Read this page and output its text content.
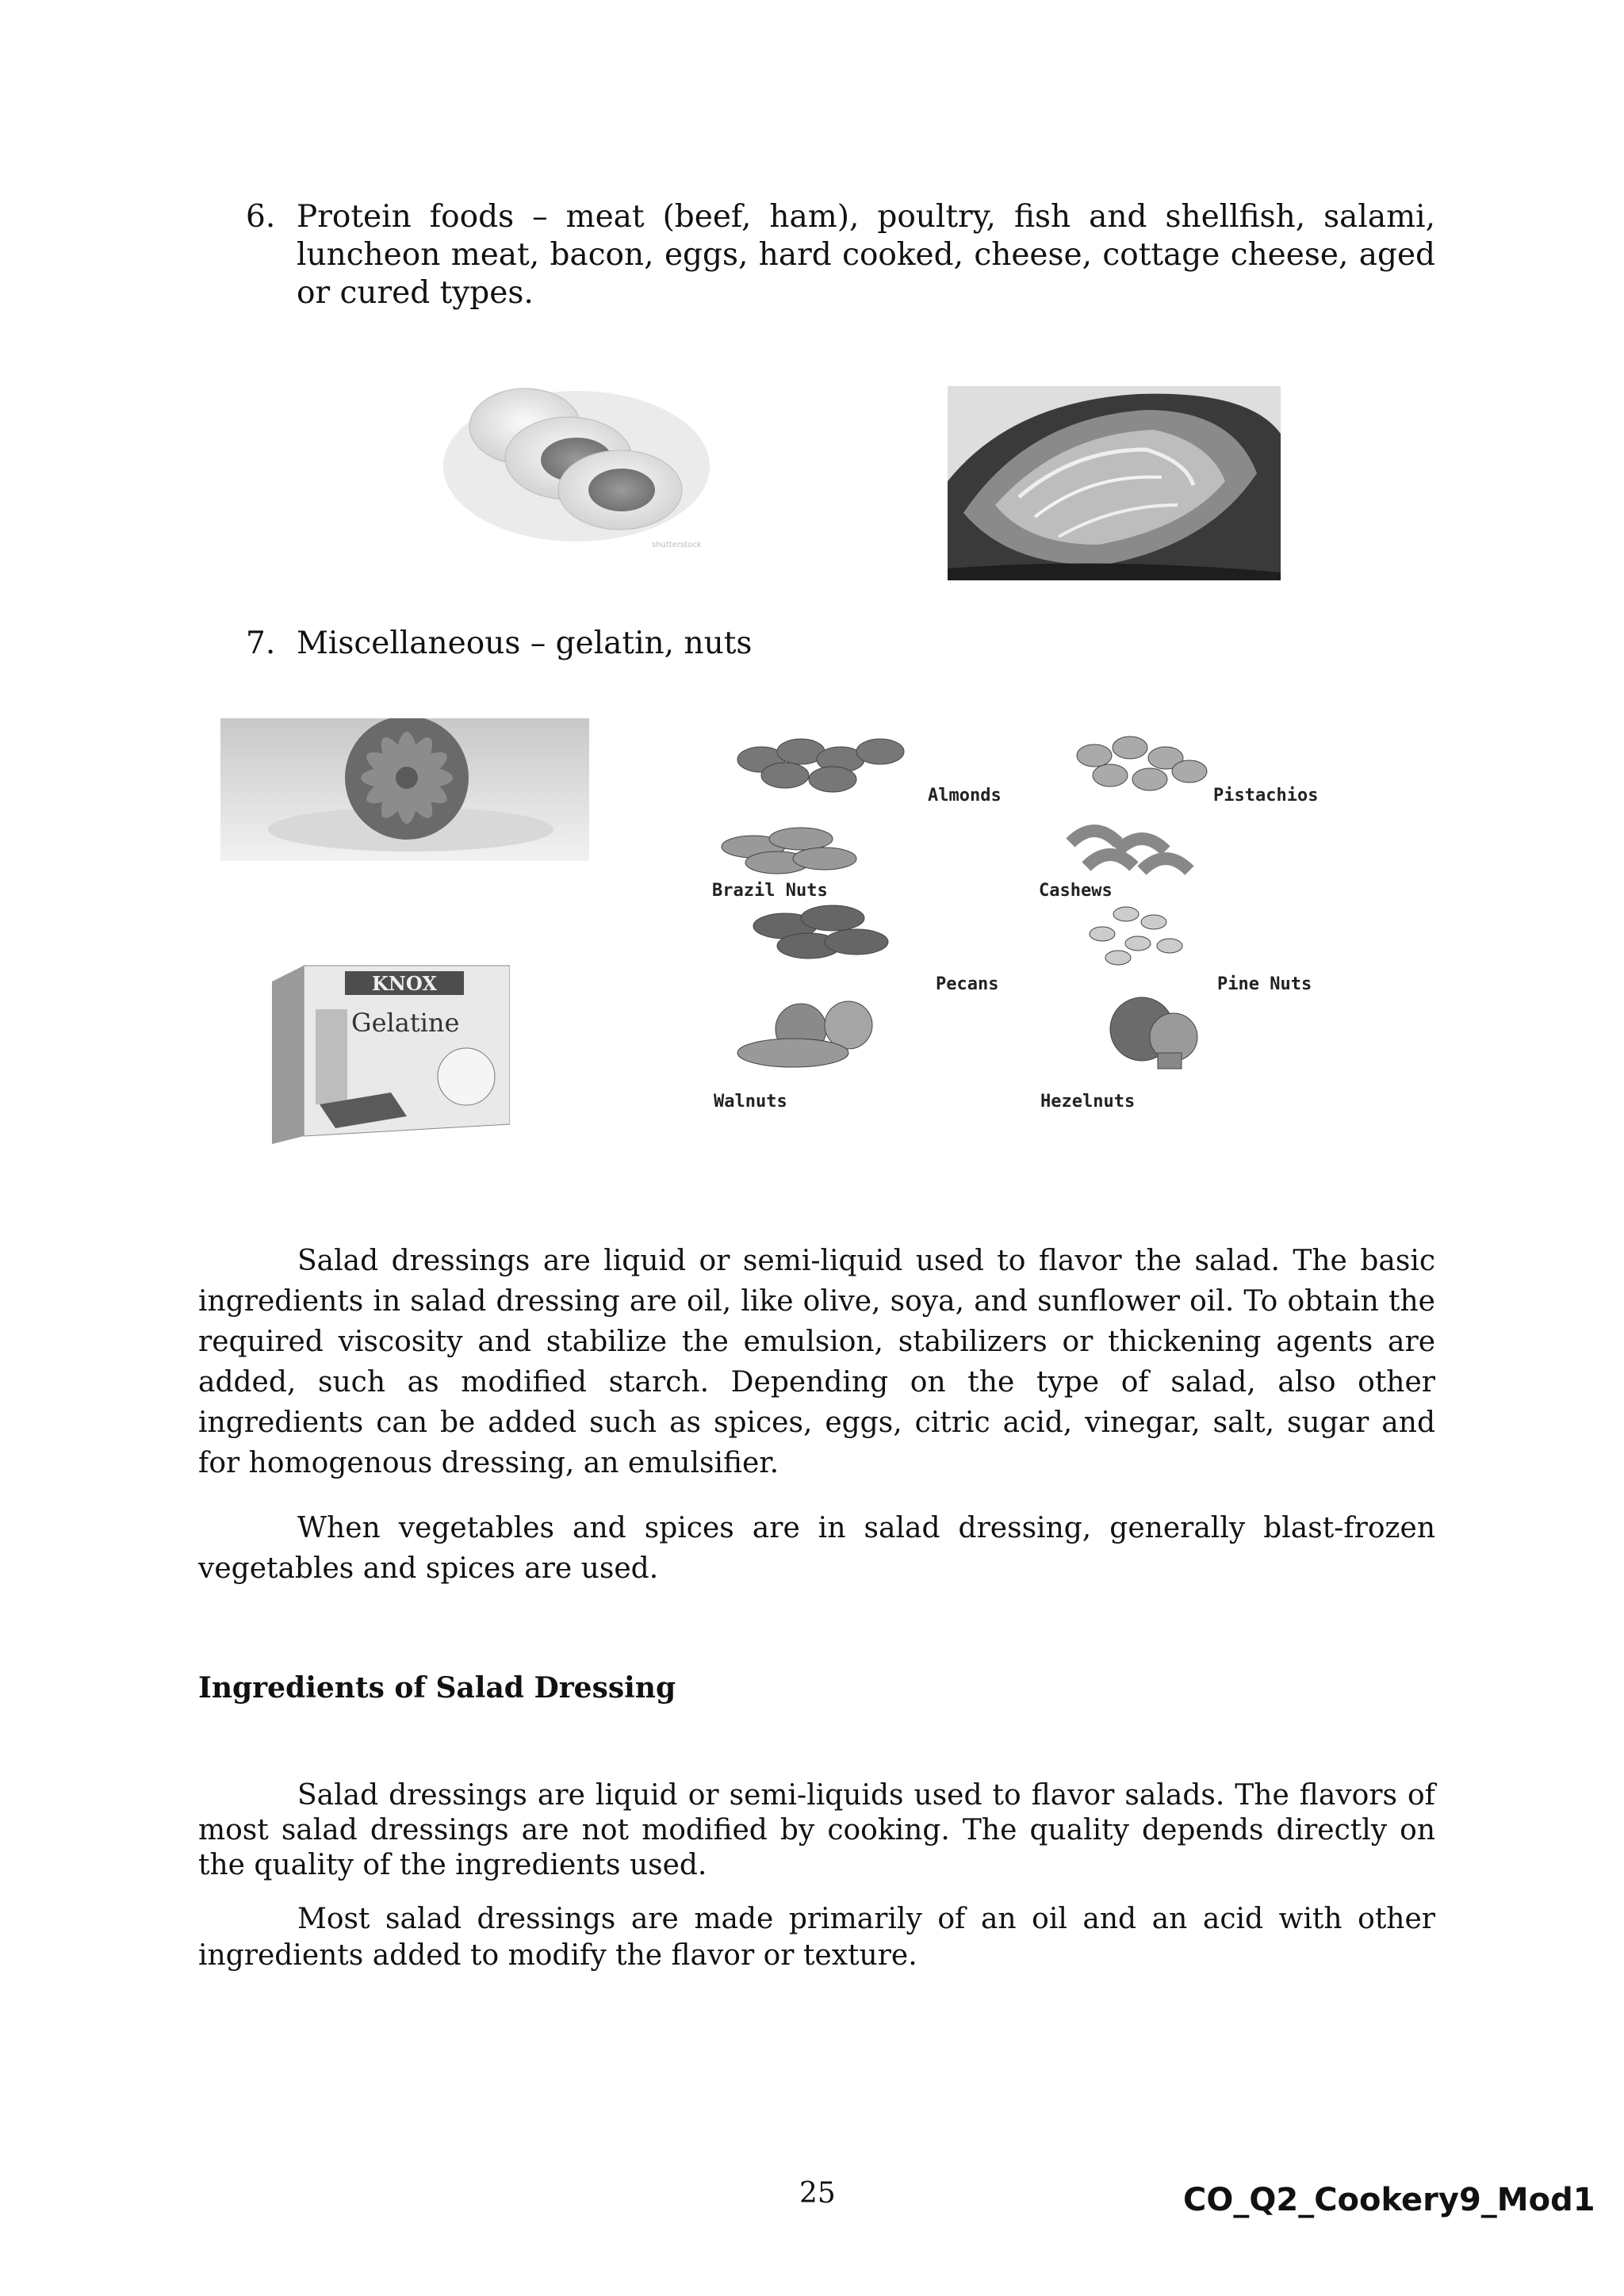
6. Protein foods – meat (beef, ham), poultry, fish and shellfish, salami, luncheon meat, bacon, eggs, hard cooked, cheese, cottage cheese, aged or cured types.
shutterstock
7. Miscellaneous – gelatin, nuts
KNOX
Gelatine
Almonds	Pistachios
Brazil Nuts	Cashews
Pecans	Pine Nuts
Walnuts	Hezelnuts
Salad dressings are liquid or semi-liquid used to flavor the salad. The basic ingredients in salad dressing are oil, like olive, soya, and sunflower oil. To obtain the required viscosity and stabilize the emulsion, stabilizers or thickening agents are added, such as modified starch. Depending on the type of salad, also other ingredients can be added such as spices, eggs, citric acid, vinegar, salt, sugar and for homogenous dressing, an emulsifier.
When vegetables and spices are in salad dressing, generally blast-frozen vegetables and spices are used.
Ingredients of Salad Dressing
Salad dressings are liquid or semi-liquids used to flavor salads. The flavors of most salad dressings are not modified by cooking. The quality depends directly on the quality of the ingredients used.
Most salad dressings are made primarily of an oil and an acid with other ingredients added to modify the flavor or texture.
25	CO_Q2_Cookery9_Mod1
